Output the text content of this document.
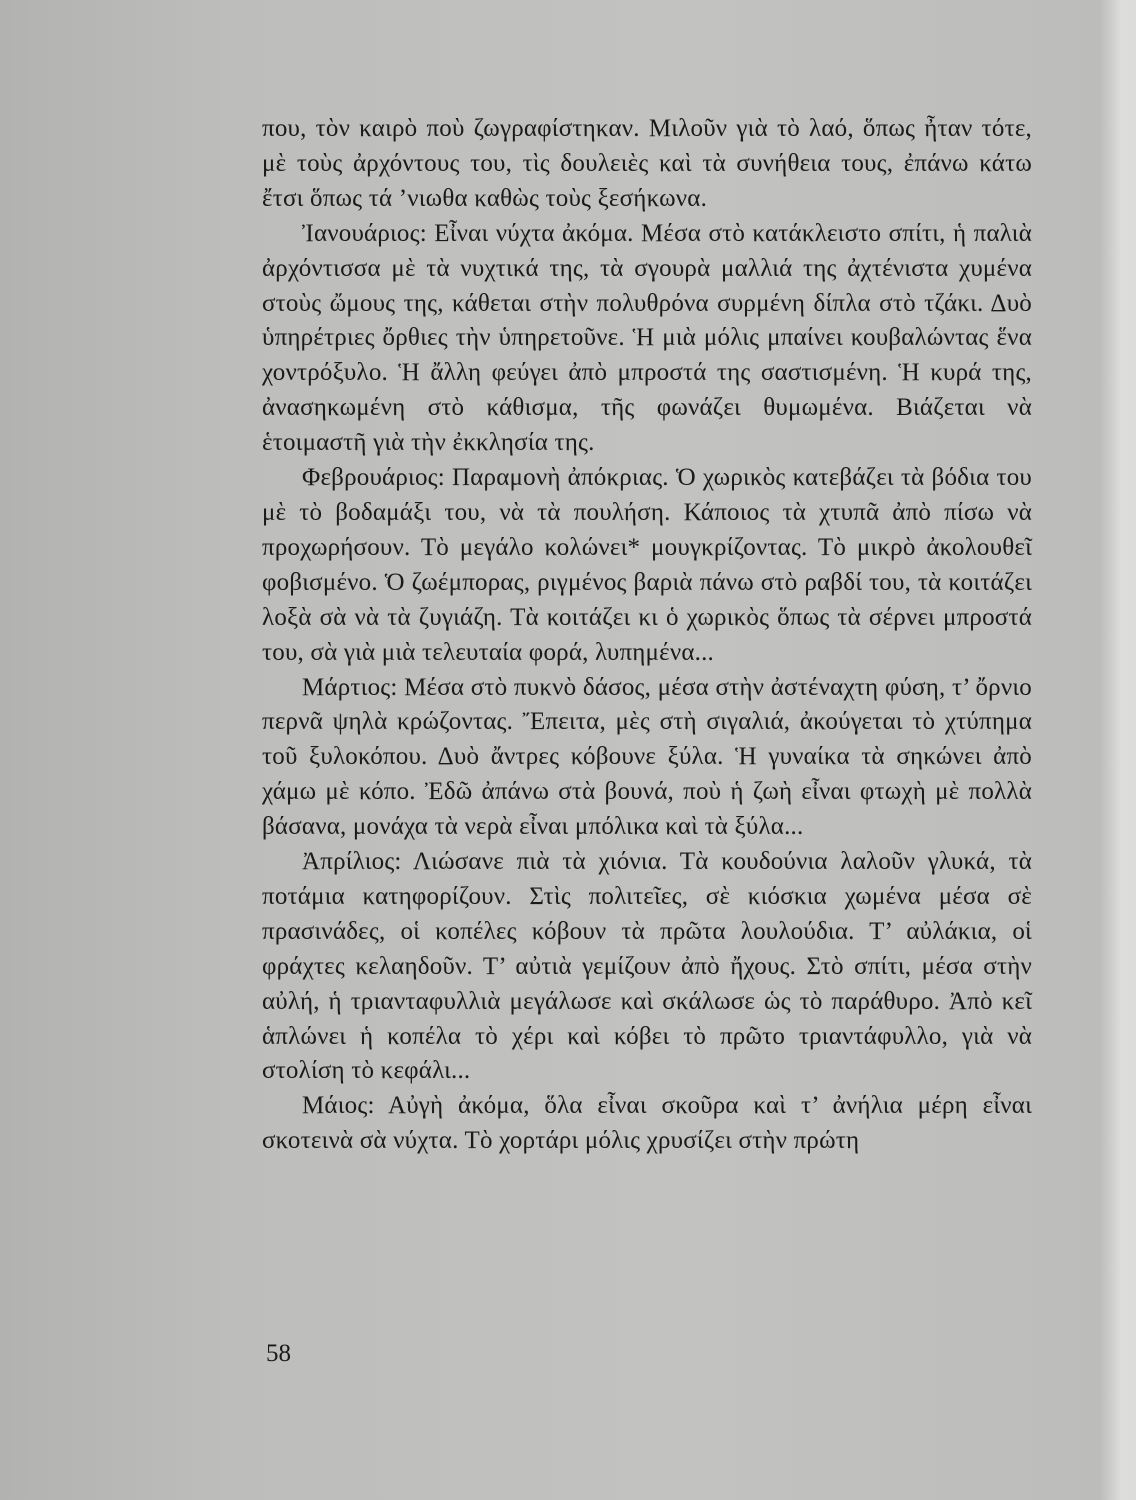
που, τὸν καιρὸ ποὺ ζωγραφίστηκαν. Μιλοῦν γιὰ τὸ λαό, ὅπως ἦταν τότε, μὲ τοὺς ἀρχόντους του, τὶς δουλειὲς καὶ τὰ συνήθεια τους, ἐπάνω κάτω ἔτσι ὅπως τά ’νιωθα καθὼς τοὺς ξεσήκωνα.

Ἰανουάριος: Εἶναι νύχτα ἀκόμα. Μέσα στὸ κατάκλειστο σπίτι, ἡ παλιὰ ἀρχόντισσα μὲ τὰ νυχτικά της, τὰ σγουρὰ μαλλιά της ἀχτένιστα χυμένα στοὺς ὤμους της, κάθεται στὴν πολυθρόνα συρμένη δίπλα στὸ τζάκι. Δυὸ ὑπηρέτριες ὄρθιες τὴν ὑπηρετοῦνε. Ἡ μιὰ μόλις μπαίνει κουβαλώντας ἕνα χοντρόξυλο. Ἡ ἄλλη φεύγει ἀπὸ μπροστά της σαστισμένη. Ἡ κυρά της, ἀνασηκωμένη στὸ κάθισμα, τῆς φωνάζει θυμωμένα. Βιάζεται νὰ ἑτοιμαστῆ γιὰ τὴν ἐκκλησία της.

Φεβρουάριος: Παραμονὴ ἀπόκριας. Ὁ χωρικὸς κατεβάζει τὰ βόδια του μὲ τὸ βοδαμάξι του, νὰ τὰ πουλήση. Κάποιος τὰ χτυπᾶ ἀπὸ πίσω νὰ προχωρήσουν. Τὸ μεγάλο κολώνει* μουγκρίζοντας. Τὸ μικρὸ ἀκολουθεῖ φοβισμένο. Ὁ ζωέμπορας, ριγμένος βαριὰ πάνω στὸ ραβδί του, τὰ κοιτάζει λοξὰ σὰ νὰ τὰ ζυγιάζη. Τὰ κοιτάζει κι ὁ χωρικὸς ὅπως τὰ σέρνει μπροστά του, σὰ γιὰ μιὰ τελευταία φορά, λυπημένα...

Μάρτιος: Μέσα στὸ πυκνὸ δάσος, μέσα στὴν ἀστέναχτη φύση, τ’ ὄρνιο περνᾶ ψηλὰ κρώζοντας. Ἔπειτα, μὲς στὴ σιγαλιά, ἀκούγεται τὸ χτύπημα τοῦ ξυλοκόπου. Δυὸ ἄντρες κόβουνε ξύλα. Ἡ γυναίκα τὰ σηκώνει ἀπὸ χάμω μὲ κόπο. Ἐδῶ ἀπάνω στὰ βουνά, ποὺ ἡ ζωὴ εἶναι φτωχὴ μὲ πολλὰ βάσανα, μονάχα τὰ νερὰ εἶναι μπόλικα καὶ τὰ ξύλα...

Ἀπρίλιος: Λιώσανε πιὰ τὰ χιόνια. Τὰ κουδούνια λαλοῦν γλυκά, τὰ ποτάμια κατηφορίζουν. Στὶς πολιτεῖες, σὲ κιόσκια χωμένα μέσα σὲ πρασινάδες, οἱ κοπέλες κόβουν τὰ πρῶτα λουλούδια. Τ’ αὐλάκια, οἱ φράχτες κελαηδοῦν. Τ’ αὐτιὰ γεμίζουν ἀπὸ ἤχους. Στὸ σπίτι, μέσα στὴν αὐλή, ἡ τριανταφυλλιὰ μεγάλωσε καὶ σκάλωσε ὡς τὸ παράθυρο. Ἀπὸ κεῖ ἁπλώνει ἡ κοπέλα τὸ χέρι καὶ κόβει τὸ πρῶτο τριαντάφυλλο, γιὰ νὰ στολίση τὸ κεφάλι...

Μάιος: Αὐγὴ ἀκόμα, ὅλα εἶναι σκοῦρα καὶ τ’ ἀνήλια μέρη εἶναι σκοτεινὰ σὰ νύχτα. Τὸ χορτάρι μόλις χρυσίζει στὴν πρώτη

58
